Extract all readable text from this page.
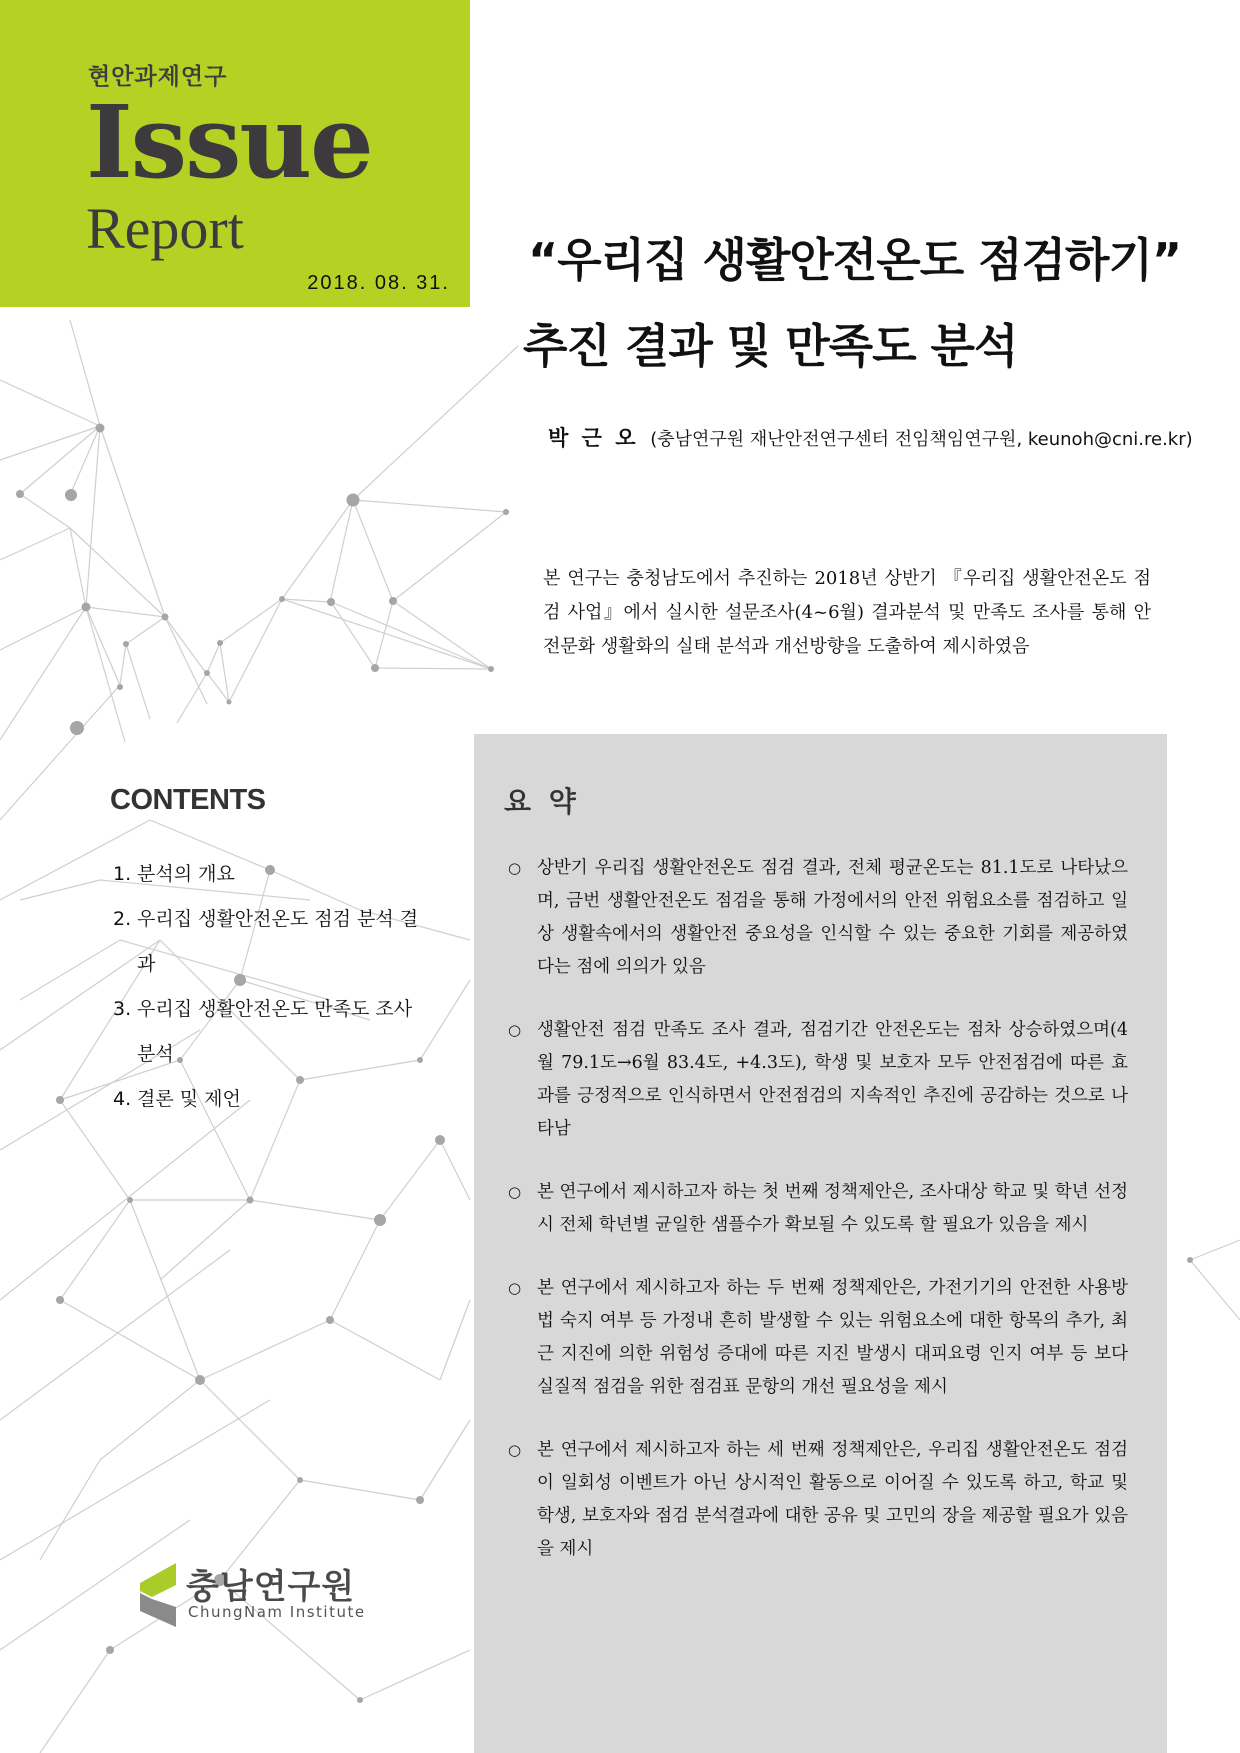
현안과제연구
Issue
Report
2018. 08. 31. “우리집 생활안전온도 점검하기”
추진 결과 및 만족도 분석
박 근 오 (충남연구원 재난안전연구센터 전임책임연구원, keunoh@cni.re.kr)
본 연구는 충청남도에서 추진하는 2018년 상반기 『우리집 생활안전온도 점검 사업』에서 실시한 설문조사(4~6월) 결과분석 및 만족도 조사를 통해 안전문화 생활화의 실태 분석과 개선방향을 도출하여 제시하였음
CONTENTS
1. 분석의 개요
2. 우리집 생활안전온도 점검 분석 결과
3. 우리집 생활안전온도 만족도 조사 분석
4. 결론 및 제언
요 약
○ 상반기 우리집 생활안전온도 점검 결과, 전체 평균온도는 81.1도로 나타났으며, 금번 생활안전온도 점검을 통해 가정에서의 안전 위험요소를 점검하고 일상 생활속에서의 생활안전 중요성을 인식할 수 있는 중요한 기회를 제공하였다는 점에 의의가 있음
○ 생활안전 점검 만족도 조사 결과, 점검기간 안전온도는 점차 상승하였으며(4월 79.1도→6월 83.4도, +4.3도), 학생 및 보호자 모두 안전점검에 따른 효과를 긍정적으로 인식하면서 안전점검의 지속적인 추진에 공감하는 것으로 나타남
○ 본 연구에서 제시하고자 하는 첫 번째 정책제안은, 조사대상 학교 및 학년 선정시 전체 학년별 균일한 샘플수가 확보될 수 있도록 할 필요가 있음을 제시
○ 본 연구에서 제시하고자 하는 두 번째 정책제안은, 가전기기의 안전한 사용방법 숙지 여부 등 가정내 흔히 발생할 수 있는 위험요소에 대한 항목의 추가, 최근 지진에 의한 위험성 증대에 따른 지진 발생시 대피요령 인지 여부 등 보다 실질적 점검을 위한 점검표 문항의 개선 필요성을 제시
○ 본 연구에서 제시하고자 하는 세 번째 정책제안은, 우리집 생활안전온도 점검이 일회성 이벤트가 아닌 상시적인 활동으로 이어질 수 있도록 하고, 학교 및 학생, 보호자와 점검 분석결과에 대한 공유 및 고민의 장을 제공할 필요가 있음을 제시
충남연구원
ChungNam Institute
